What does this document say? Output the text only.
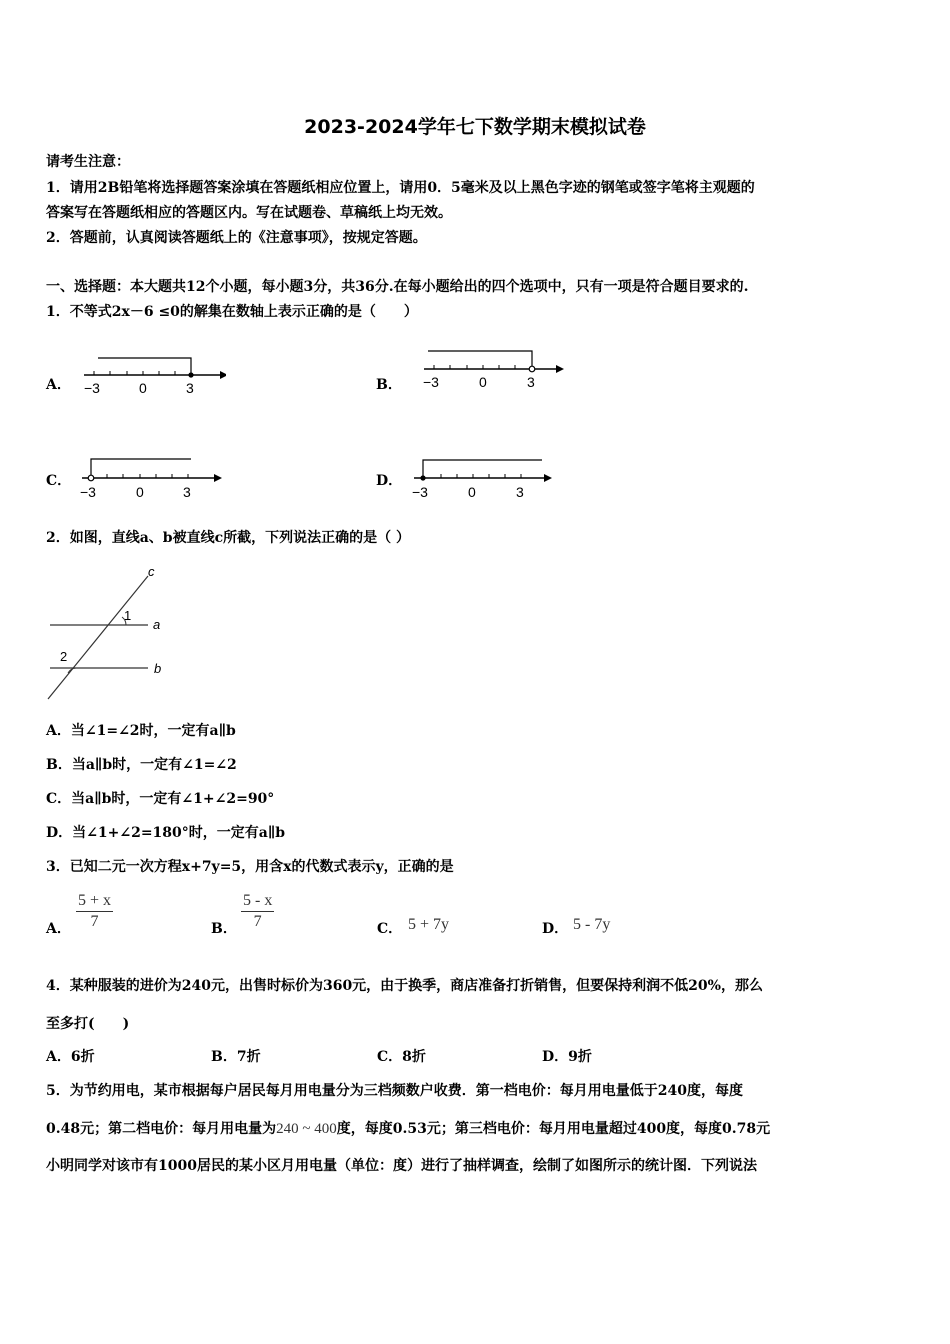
2023-2024学年七下数学期末模拟试卷
请考生注意：
1．请用2B铅笔将选择题答案涂填在答题纸相应位置上，请用0．5毫米及以上黑色字迹的钢笔或签字笔将主观题的
答案写在答题纸相应的答题区内。写在试题卷、草稿纸上均无效。
2．答题前，认真阅读答题纸上的《注意事项》，按规定答题。
一、选择题：本大题共12个小题，每小题3分，共36分.在每小题给出的四个选项中，只有一项是符合题目要求的.
1．不等式2x－6 ≤0的解集在数轴上表示正确的是（　　）
A． −3	0	3	B． −3	0	3
C．
−3	0	3
D．
−3	0	3
2．如图，直线a、b被直线c所截，下列说法正确的是（ ）
c
a
b
1
2
A．当∠1=∠2时，一定有a∥b
B．当a∥b时，一定有∠1=∠2
C．当a∥b时，一定有∠1+∠2=90°
D．当∠1+∠2=180°时，一定有a∥b
3．已知二元一次方程x+7y=5，用含x的代数式表示y，正确的是
A． $\frac{5 + x}{7}$	B． $\frac{5 - x}{7}$	C． 5 + 7y	D． 5 - 7y
4．某种服装的进价为240元，出售时标价为360元，由于换季，商店准备打折销售，但要保持利润不低20%，那么
至多打(　　)
A．6折	B．7折	C．8折	D．9折
5．为节约用电，某市根据每户居民每月用电量分为三档频数户收费．第一档电价：每月用电量低于240度，每度
0.48元；第二档电价：每月用电量为240 ~ 400度，每度0.53元；第三档电价：每月用电量超过400度，每度0.78元
小明同学对该市有1000居民的某小区月用电量（单位：度）进行了抽样调查，绘制了如图所示的统计图．下列说法
